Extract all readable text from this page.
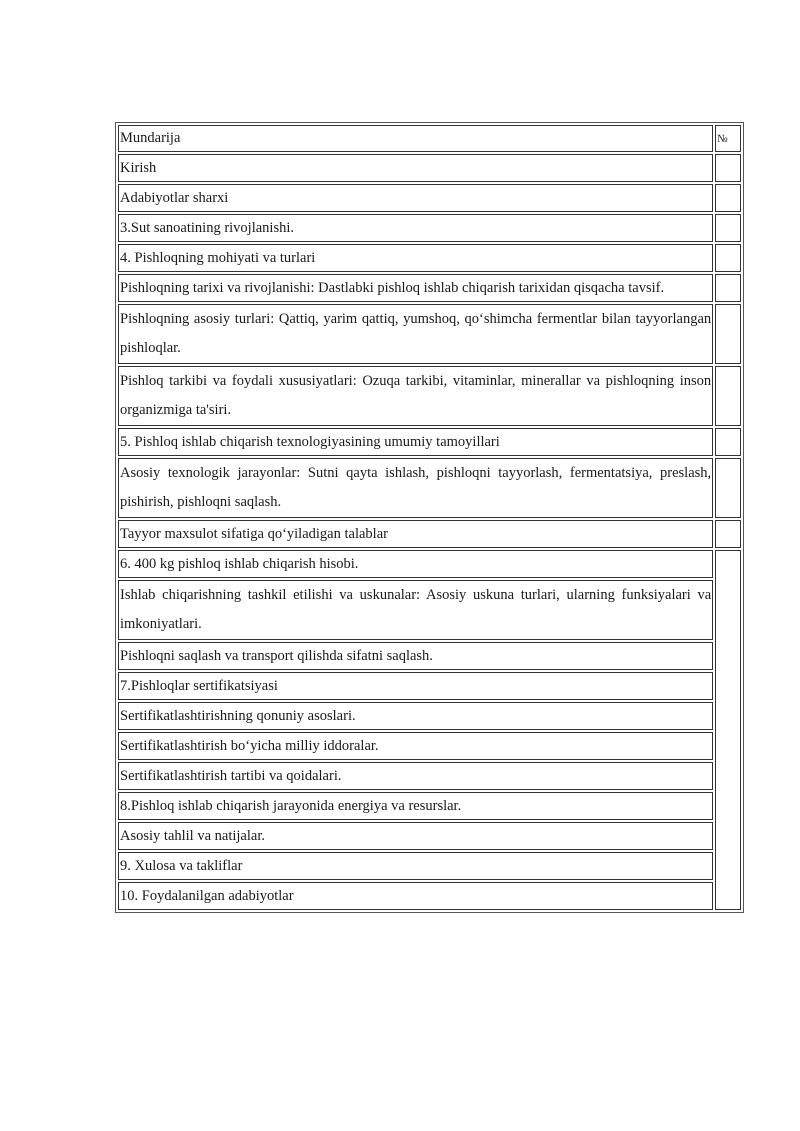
Mundarija	№
Kirish	
Adabiyotlar sharxi	
3.Sut sanoatining rivojlanishi.	
4. Pishloqning mohiyati va turlari	
Pishloqning tarixi va rivojlanishi: Dastlabki pishloq ishlab chiqarish tarixidan qisqacha tavsif.	
Pishloqning asosiy turlari: Qattiq, yarim qattiq, yumshoq, qo‘shimcha fermentlar bilan tayyorlangan pishloqlar.	
Pishloq tarkibi va foydali xususiyatlari: Ozuqa tarkibi, vitaminlar, minerallar va pishloqning inson organizmiga ta'siri.	
5. Pishloq ishlab chiqarish texnologiyasining umumiy tamoyillari	
Asosiy texnologik jarayonlar: Sutni qayta ishlash, pishloqni tayyorlash, fermentatsiya, preslash, pishirish, pishloqni saqlash.	
Tayyor maxsulot sifatiga qo‘yiladigan talablar	
6. 400 kg pishloq ishlab chiqarish hisobi.	
Ishlab chiqarishning tashkil etilishi va uskunalar: Asosiy uskuna turlari, ularning funksiyalari va imkoniyatlari.	
Pishloqni saqlash va transport qilishda sifatni saqlash.	
7.Pishloqlar sertifikatsiyasi	
Sertifikatlashtirishning qonuniy asoslari.	
Sertifikatlashtirish bo‘yicha milliy iddoralar.	
Sertifikatlashtirish tartibi va qoidalari.	
8.Pishloq ishlab chiqarish jarayonida energiya va resurslar.	
Asosiy tahlil va natijalar.	
9. Xulosa va takliflar	
10. Foydalanilgan adabiyotlar	
